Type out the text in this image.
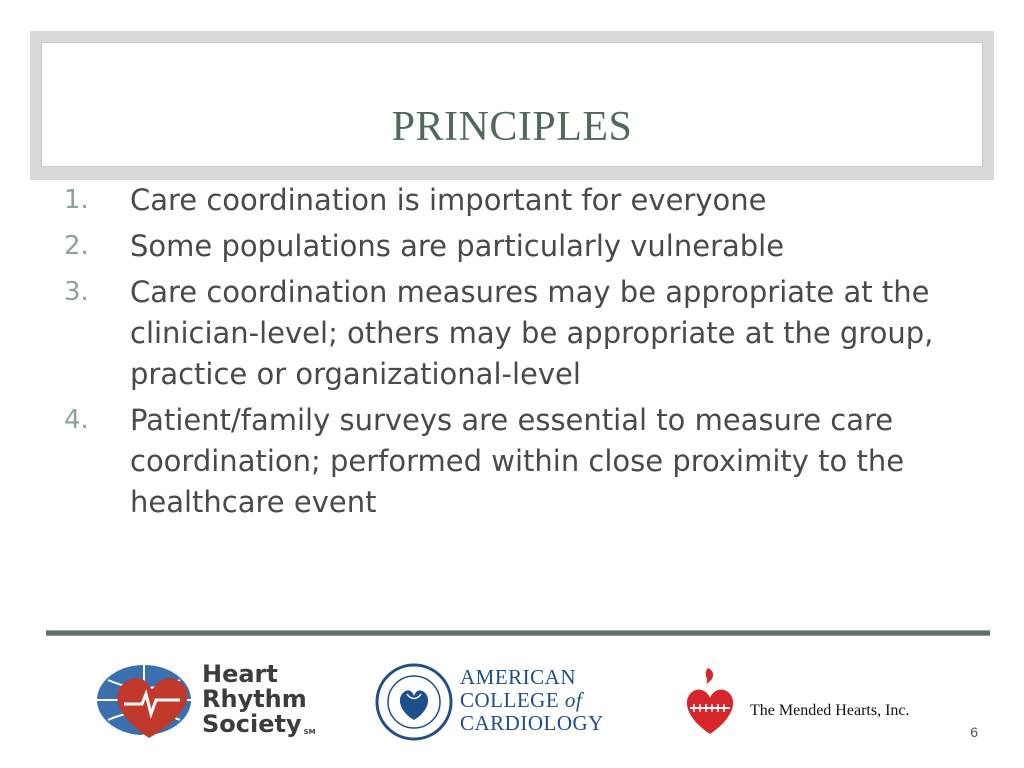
PRINCIPLES
1.	Care coordination is important for everyone
2.	Some populations are particularly vulnerable
3.	Care coordination measures may be appropriate at the clinician-level; others may be appropriate at the group, practice or organizational-level
4.	Patient/family surveys are essential to measure care coordination; performed within close proximity to the healthcare event
Heart
Rhythm
Society SM
AMERICAN
COLLEGE of
CARDIOLOGY
The Mended Hearts, Inc.
6
